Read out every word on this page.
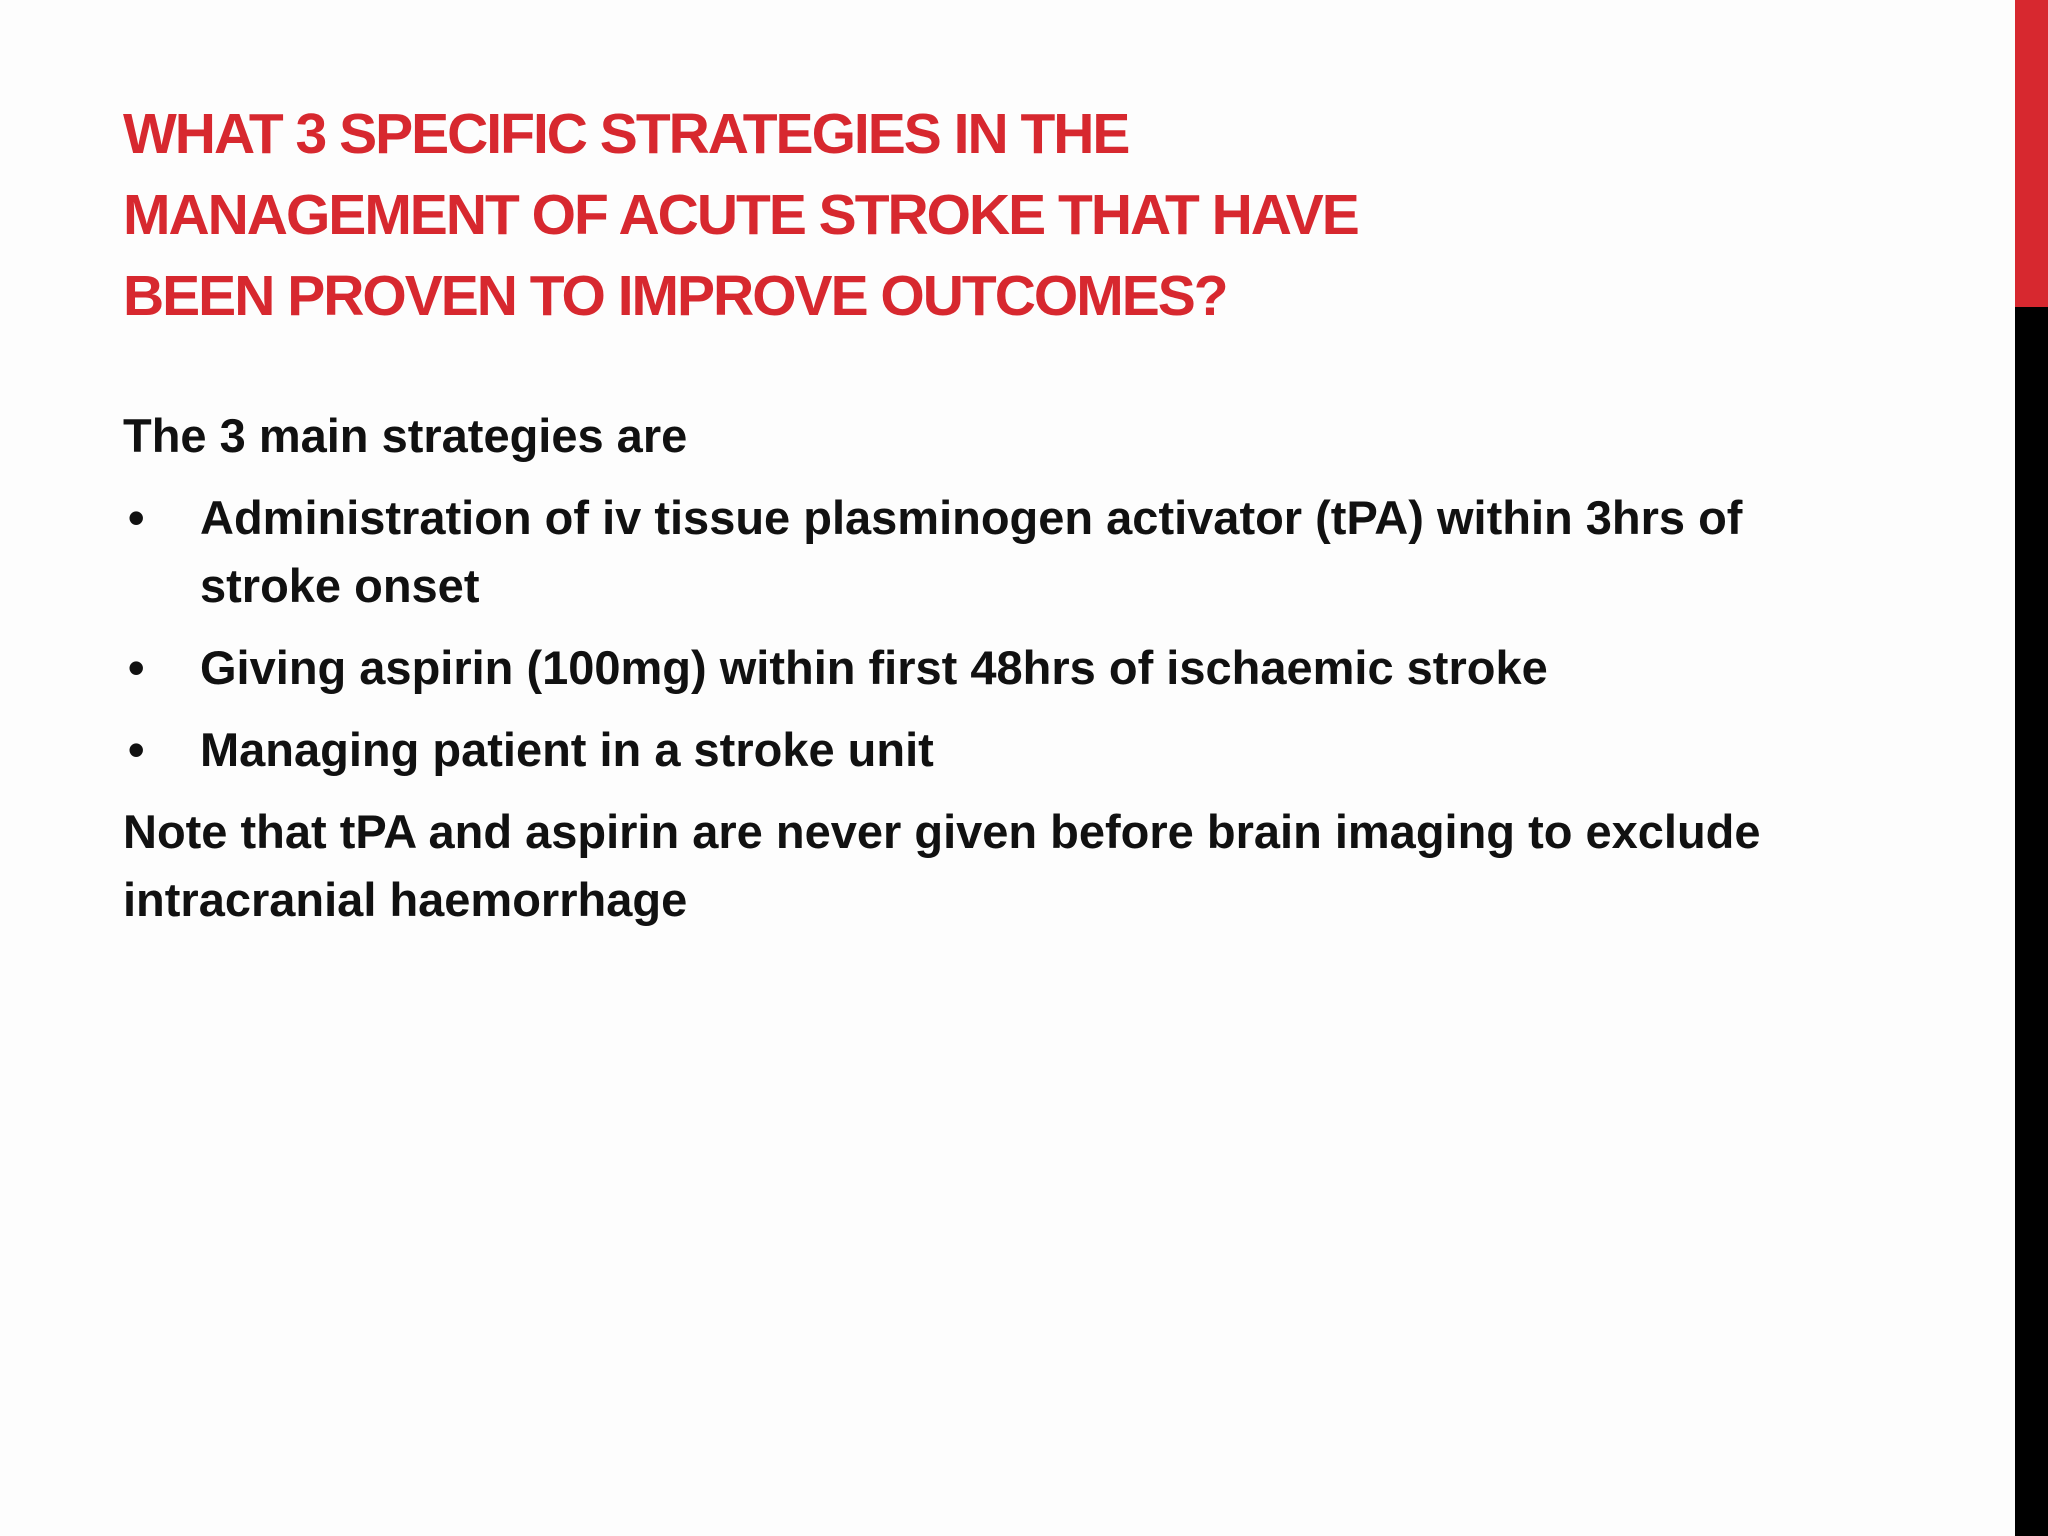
WHAT 3 SPECIFIC STRATEGIES IN THE
MANAGEMENT OF ACUTE STROKE THAT HAVE
BEEN PROVEN TO IMPROVE OUTCOMES?

The 3 main strategies are

• Administration of iv tissue plasminogen activator (tPA) within 3hrs of stroke onset
• Giving aspirin (100mg) within first 48hrs of ischaemic stroke
• Managing patient in a stroke unit

Note that tPA and aspirin are never given before brain imaging to exclude intracranial haemorrhage
